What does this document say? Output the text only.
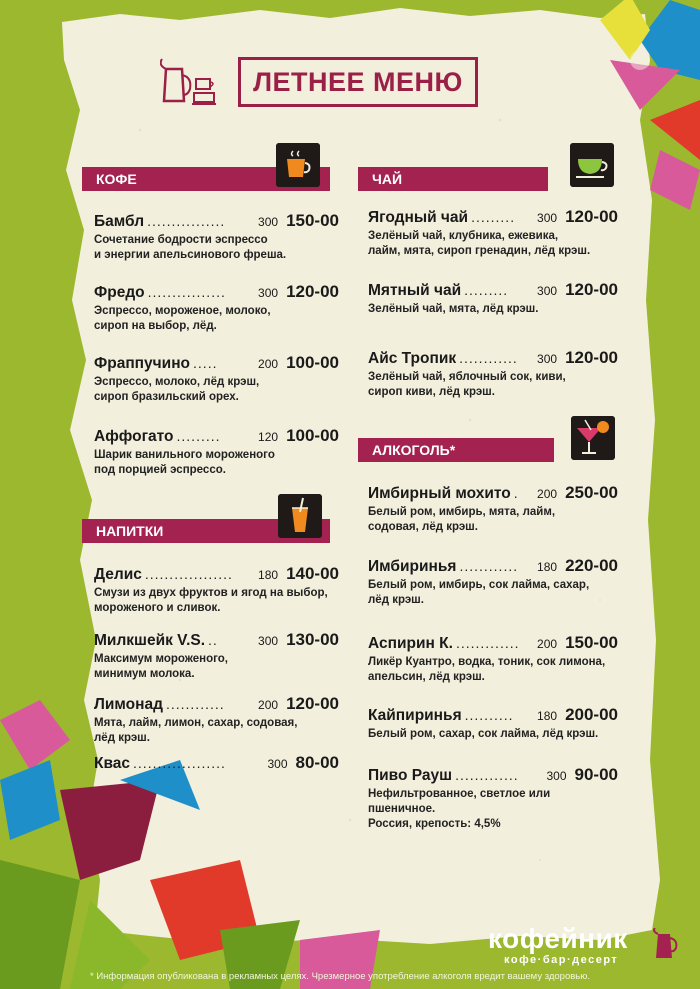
ЛЕТНЕЕ МЕНЮ
КОФЕ
Бамбл ................	300 150-00
Сочетание бодрости эспрессо
и энергии апельсинового фреша.
Фредо ................	300 120-00
Эспрессо, мороженое, молоко,
сироп на выбор, лёд.
Фраппучино .....	200 100-00
Эспрессо, молоко, лёд крэш,
сироп бразильский орех.
Аффогато .........	120 100-00
Шарик ванильного мороженого
под порцией эспрессо.
НАПИТКИ
Делис ..................	180 140-00
Смузи из двух фруктов и ягод на выбор,
мороженого и сливок.
Милкшейк V.S. ..	300 130-00
Максимум мороженого,
минимум молока.
Лимонад ............	200 120-00
Мята, лайм, лимон, сахар, содовая,
лёд крэш.
Квас ...................	300 80-00
ЧАЙ
Ягодный чай .........	300 120-00
Зелёный чай, клубника, ежевика,
лайм, мята, сироп гренадин, лёд крэш.
Мятный чай .........	300 120-00
Зелёный чай, мята, лёд крэш.
Айс Тропик ............	300 120-00
Зелёный чай, яблочный сок, киви,
сироп киви, лёд крэш.
АЛКОГОЛЬ*
Имбирный мохито .	200 250-00
Белый ром, имбирь, мята, лайм,
содовая, лёд крэш.
Имбиринья ............	180 220-00
Белый ром, имбирь, сок лайма, сахар,
лёд крэш.
Аспирин К. .............	200 150-00
Ликёр Куантро, водка, тоник, сок лимона,
апельсин, лёд крэш.
Кайпиринья ..........	180 200-00
Белый ром, сахар, сок лайма, лёд крэш.
Пиво Рауш .............	300 90-00
Нефильтрованное, светлое или пшеничное.
Россия, крепость: 4,5%
кофейник
кофе·бар·десерт
* Информация опубликована в рекламных целях. Чрезмерное употребление алкоголя вредит вашему здоровью.
